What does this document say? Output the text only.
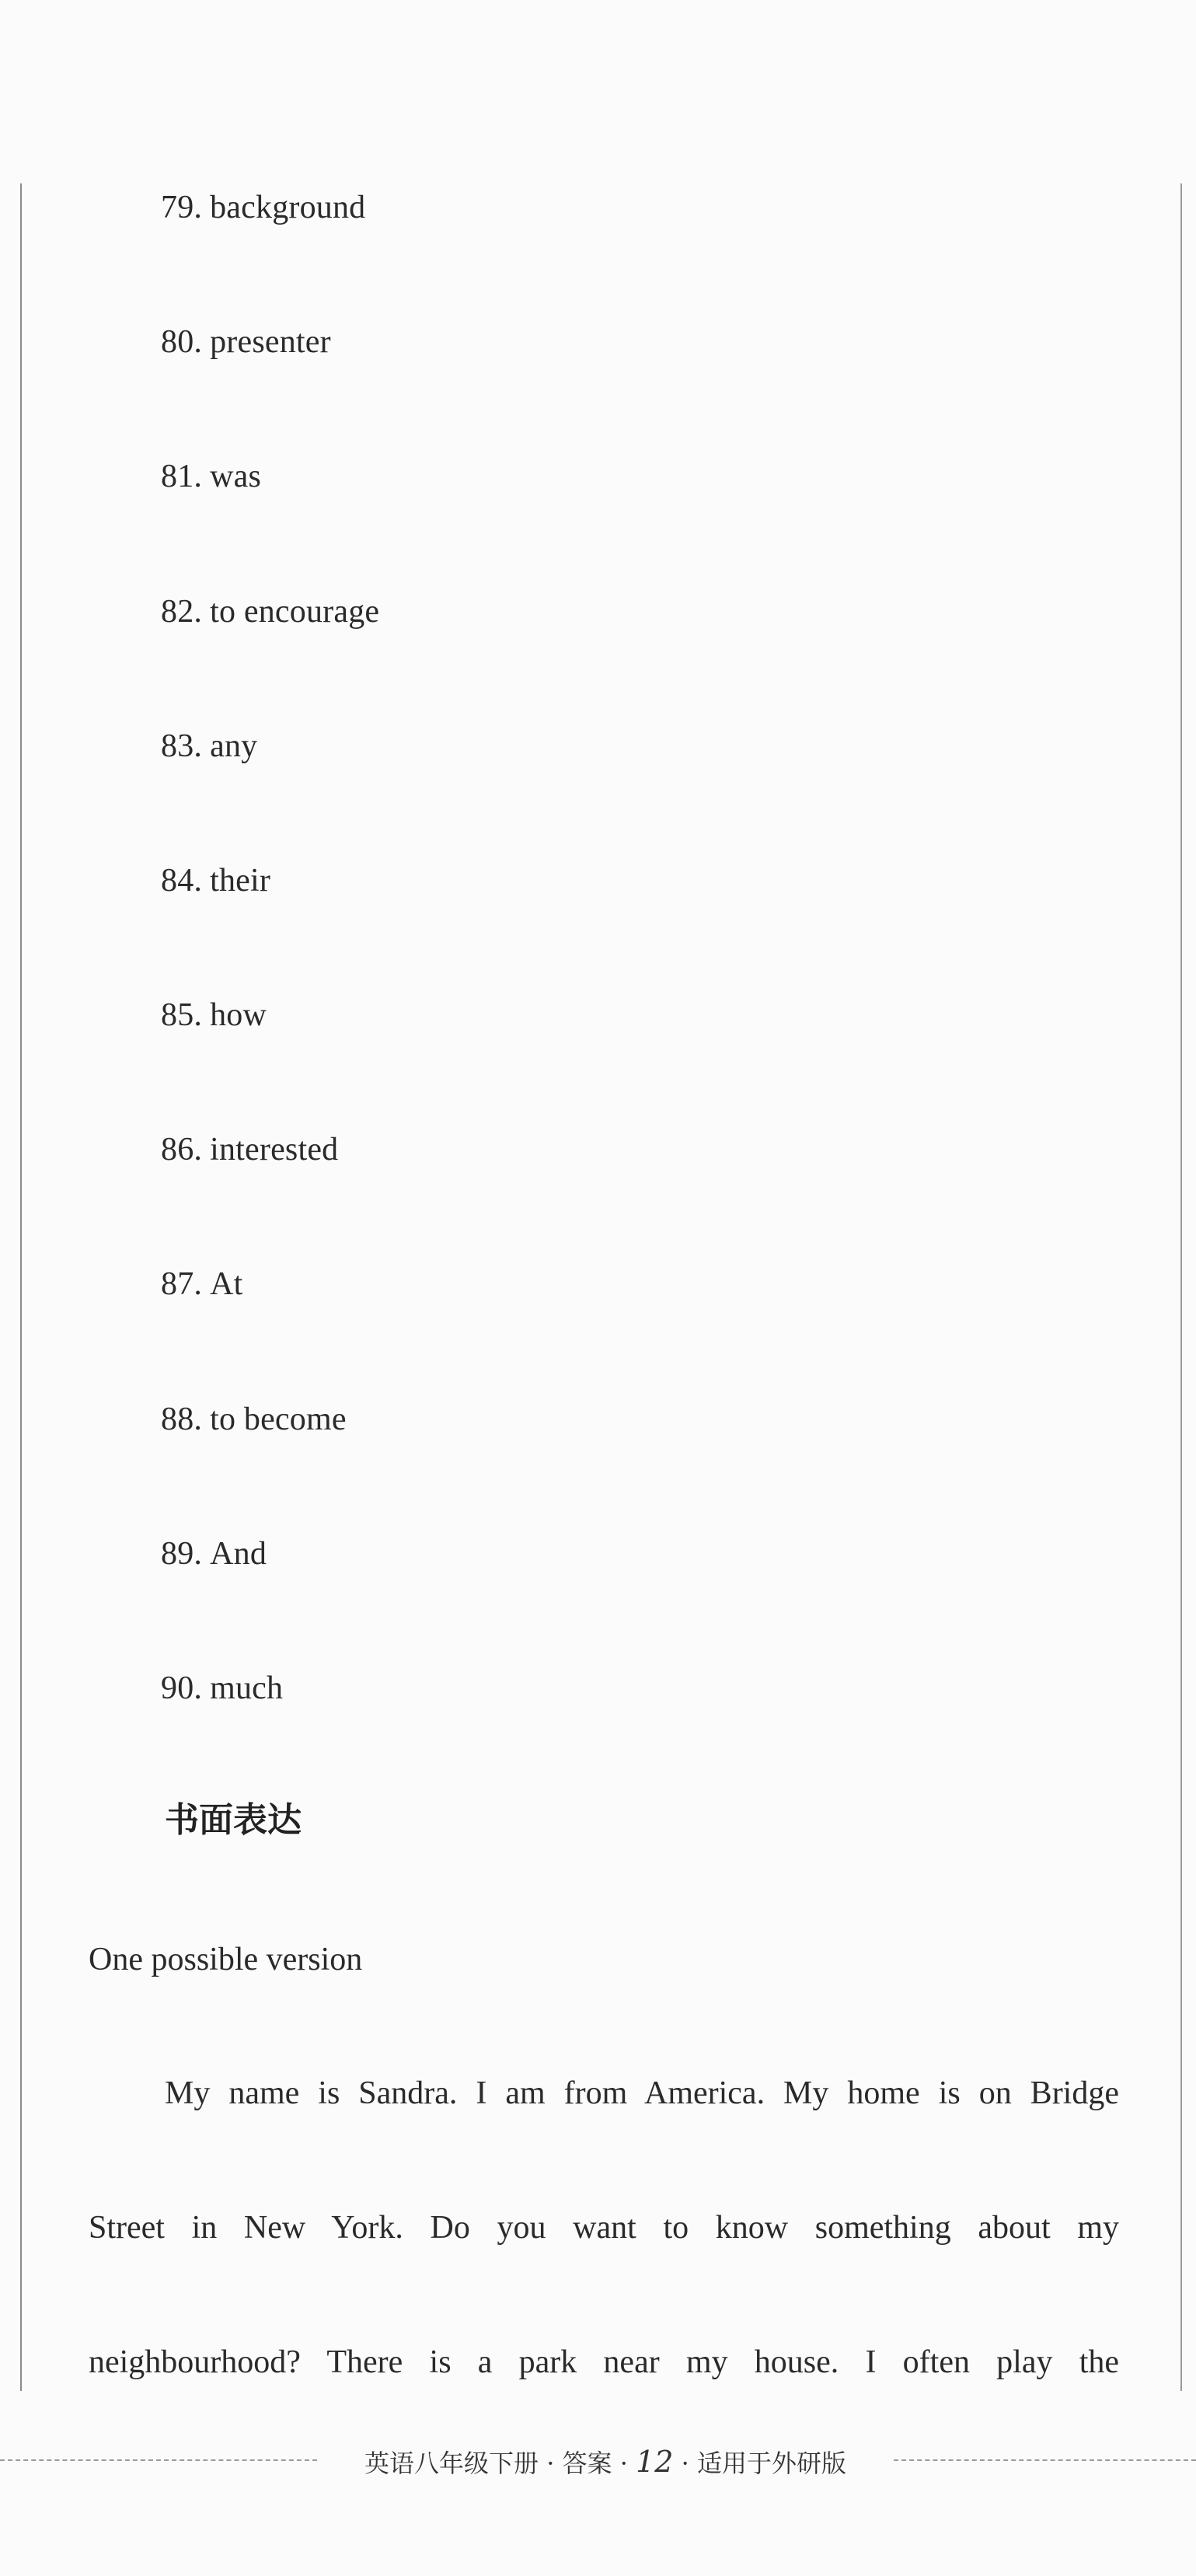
79. background
80. presenter
81. was
82. to encourage
83. any
84. their
85. how
86. interested
87. At
88. to become
89. And
90. much
书面表达
One possible version
My name is Sandra. I am from America. My home is on Bridge
Street in New York. Do you want to know something about my
neighbourhood? There is a park near my house. I often play the
英语八年级下册 · 答案 · 12 · 适用于外研版
